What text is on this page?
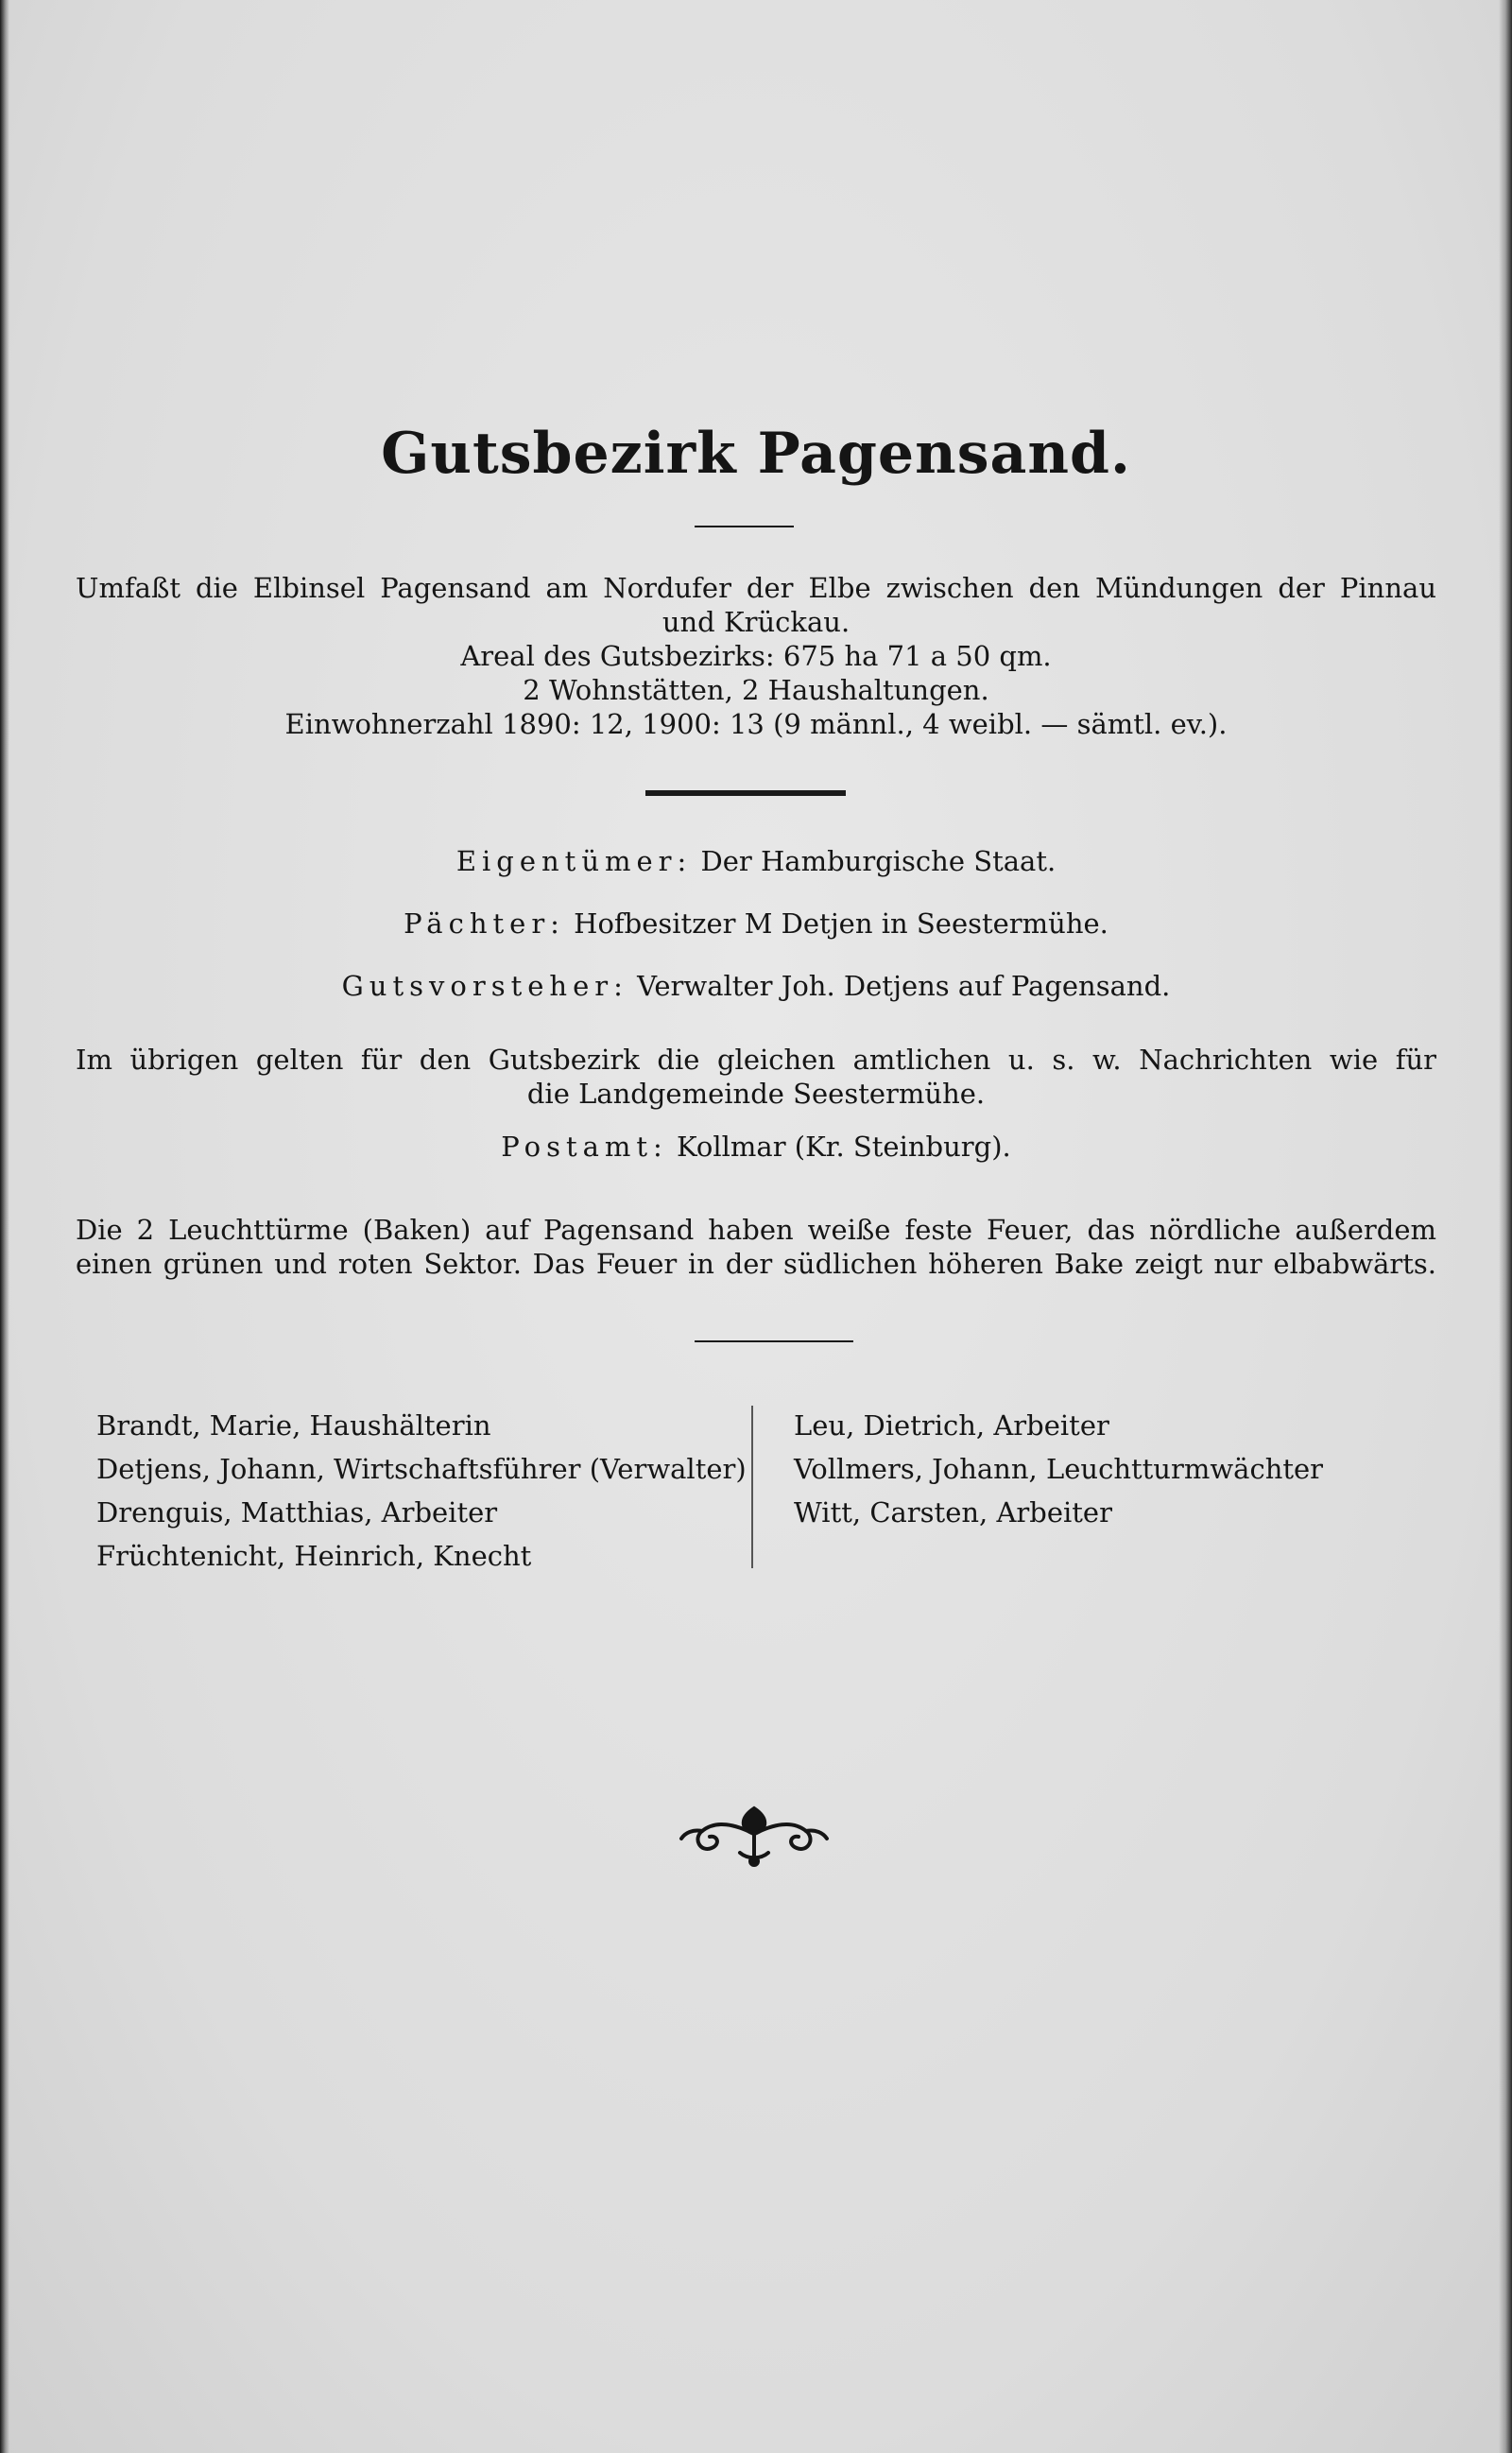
Gutsbezirk Pagensand.
Umfaßt die Elbinsel Pagensand am Nordufer der Elbe zwischen den Mündungen der Pinnau
und Krückau.
Areal des Gutsbezirks: 675 ha 71 a 50 qm.
2 Wohnstätten, 2 Haushaltungen.
Einwohnerzahl 1890: 12, 1900: 13 (9 männl., 4 weibl. — sämtl. ev.).
Eigentümer: Der Hamburgische Staat.
Pächter: Hofbesitzer M Detjen in Seestermühe.
Gutsvorsteher: Verwalter Joh. Detjens auf Pagensand.
Im übrigen gelten für den Gutsbezirk die gleichen amtlichen u. s. w. Nachrichten wie für
die Landgemeinde Seestermühe.
Postamt: Kollmar (Kr. Steinburg).
Die 2 Leuchttürme (Baken) auf Pagensand haben weiße feste Feuer, das nördliche außerdem
einen grünen und roten Sektor. Das Feuer in der südlichen höheren Bake zeigt nur elbabwärts.
Brandt, Marie, Haushälterin
Detjens, Johann, Wirtschaftsführer (Verwalter)
Drenguis, Matthias, Arbeiter
Früchtenicht, Heinrich, Knecht
Leu, Dietrich, Arbeiter
Vollmers, Johann, Leuchtturmwächter
Witt, Carsten, Arbeiter
